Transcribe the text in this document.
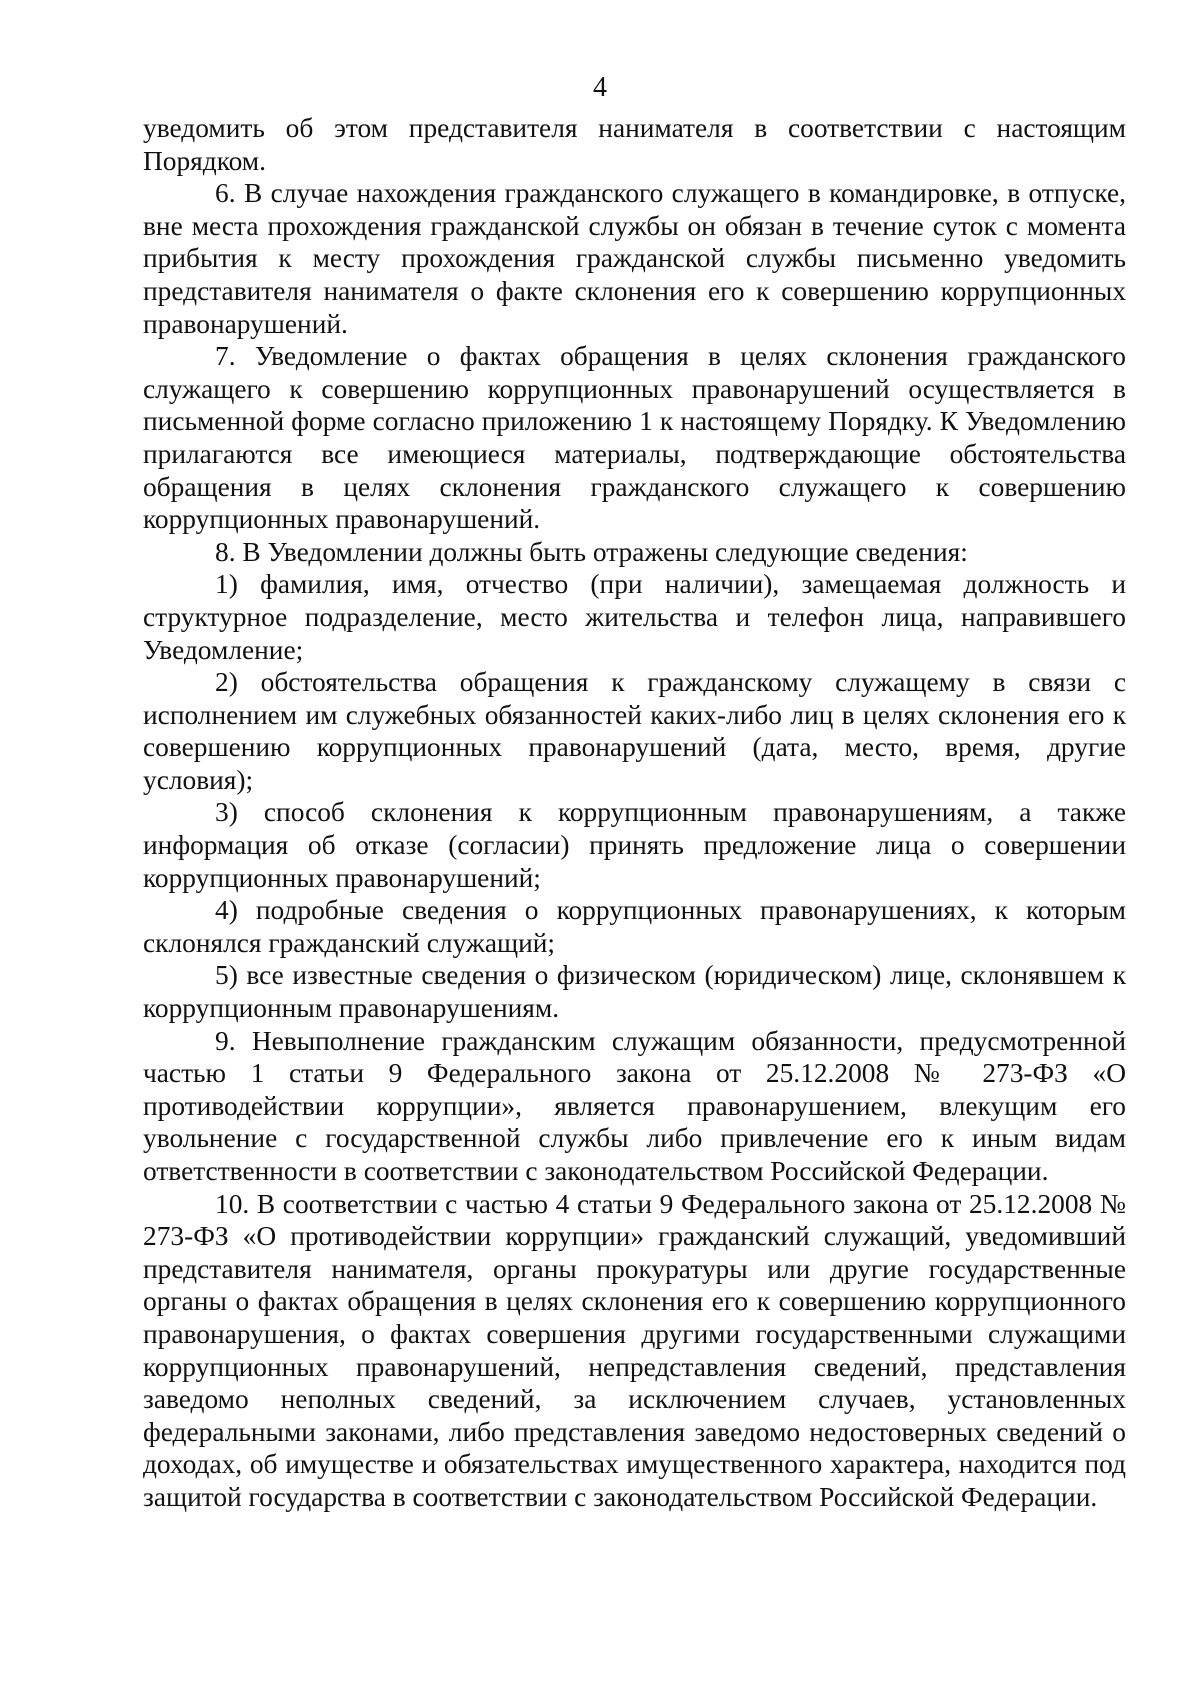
4

уведомить об этом представителя нанимателя в соответствии с настоящим Порядком.

6. В случае нахождения гражданского служащего в командировке, в отпуске, вне места прохождения гражданской службы он обязан в течение суток с момента прибытия к месту прохождения гражданской службы письменно уведомить представителя нанимателя о факте склонения его к совершению коррупционных правонарушений.

7. Уведомление о фактах обращения в целях склонения гражданского служащего к совершению коррупционных правонарушений осуществляется в письменной форме согласно приложению 1 к настоящему Порядку. К Уведомлению прилагаются все имеющиеся материалы, подтверждающие обстоятельства обращения в целях склонения гражданского служащего к совершению коррупционных правонарушений.

8. В Уведомлении должны быть отражены следующие сведения:

1) фамилия, имя, отчество (при наличии), замещаемая должность и структурное подразделение, место жительства и телефон лица, направившего Уведомление;

2) обстоятельства обращения к гражданскому служащему в связи с исполнением им служебных обязанностей каких-либо лиц в целях склонения его к совершению коррупционных правонарушений (дата, место, время, другие условия);

3) способ склонения к коррупционным правонарушениям, а также информация об отказе (согласии) принять предложение лица о совершении коррупционных правонарушений;

4) подробные сведения о коррупционных правонарушениях, к которым склонялся гражданский служащий;

5) все известные сведения о физическом (юридическом) лице, склонявшем к коррупционным правонарушениям.

9. Невыполнение гражданским служащим обязанности, предусмотренной частью 1 статьи 9 Федерального закона от 25.12.2008 № 273-ФЗ «О противодействии коррупции», является правонарушением, влекущим его увольнение с государственной службы либо привлечение его к иным видам ответственности в соответствии с законодательством Российской Федерации.

10. В соответствии с частью 4 статьи 9 Федерального закона от 25.12.2008 № 273-ФЗ «О противодействии коррупции» гражданский служащий, уведомивший представителя нанимателя, органы прокуратуры или другие государственные органы о фактах обращения в целях склонения его к совершению коррупционного правонарушения, о фактах совершения другими государственными служащими коррупционных правонарушений, непредставления сведений, представления заведомо неполных сведений, за исключением случаев, установленных федеральными законами, либо представления заведомо недостоверных сведений о доходах, об имуществе и обязательствах имущественного характера, находится под защитой государства в соответствии с законодательством Российской Федерации.
